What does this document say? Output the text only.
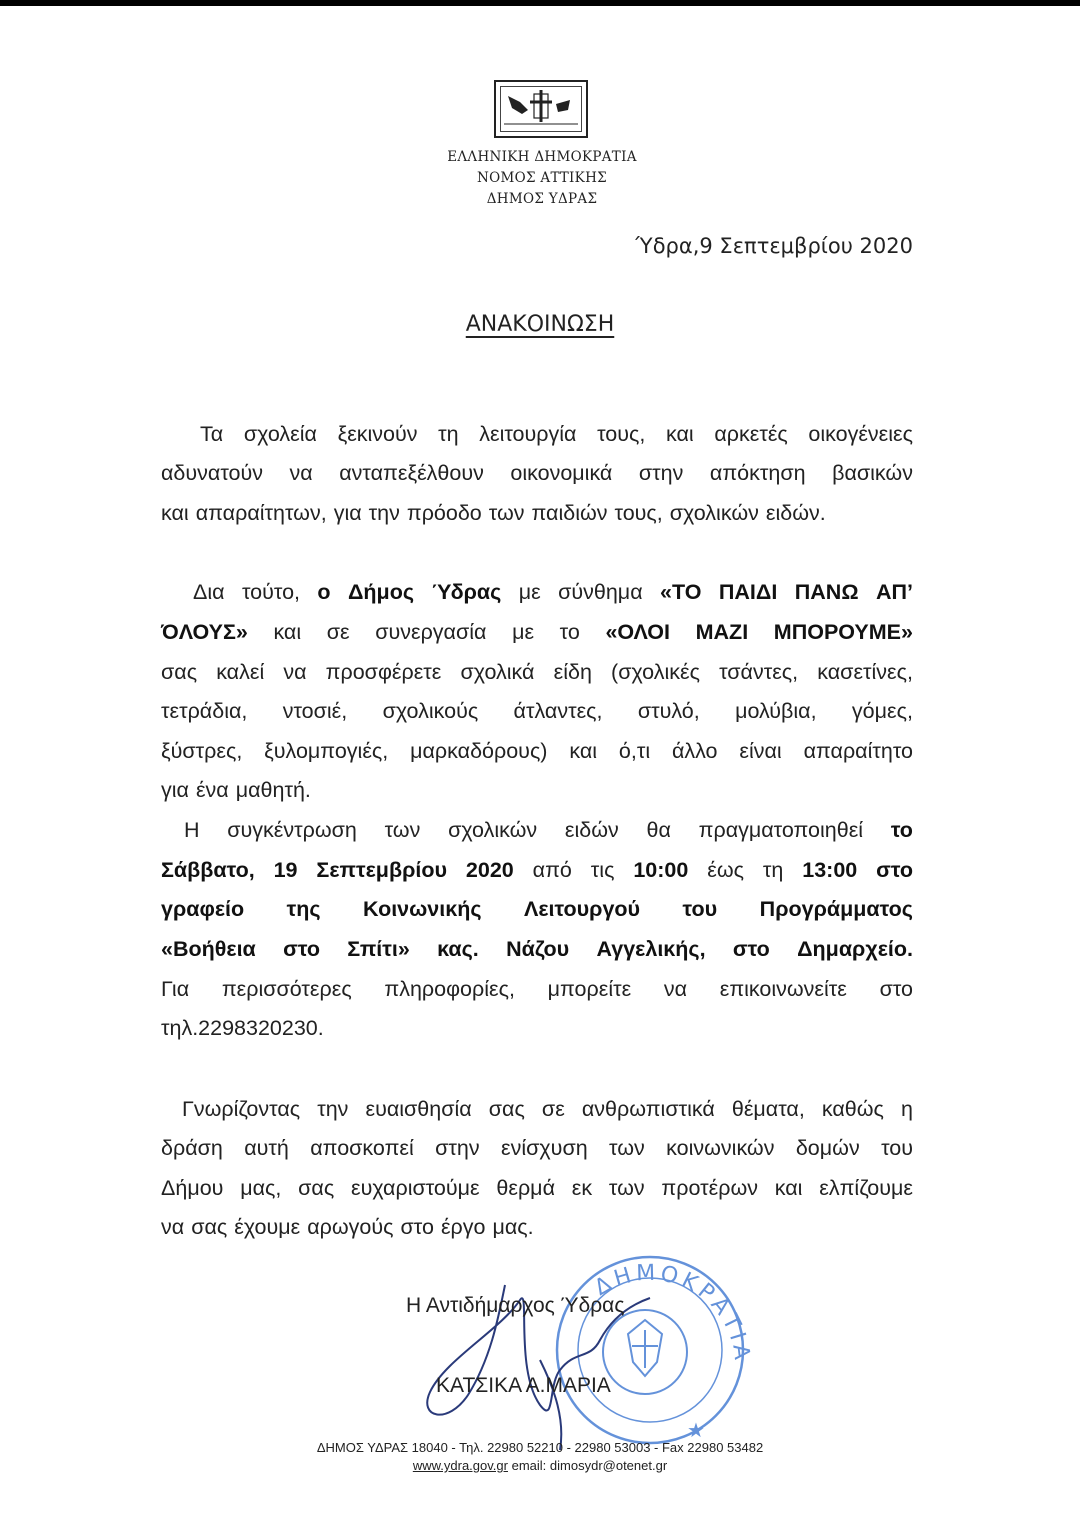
ΕΛΛΗΝΙΚΗ ΔΗΜΟΚΡΑΤΙΑ
ΝΟΜΟΣ ΑΤΤΙΚΗΣ
ΔΗΜΟΣ ΥΔΡΑΣ
Ύδρα,9 Σεπτεμβρίου 2020
ΑΝΑΚΟΙΝΩΣΗ
Τα σχολεία ξεκινούν τη λειτουργία τους, και αρκετές οικογένειες
αδυνατούν να ανταπεξέλθουν οικονομικά στην απόκτηση βασικών
και απαραίτητων, για την πρόοδο των παιδιών τους, σχολικών ειδών.
Δια τούτο, ο Δήμος Ύδρας με σύνθημα «ΤΟ ΠΑΙΔΙ ΠΑΝΩ ΑΠ’
ΌΛΟΥΣ» και σε συνεργασία με το «ΟΛΟΙ ΜΑΖΙ ΜΠΟΡΟΥΜΕ»
σας καλεί να προσφέρετε σχολικά είδη (σχολικές τσάντες, κασετίνες,
τετράδια, ντοσιέ, σχολικούς άτλαντες, στυλό, μολύβια, γόμες,
ξύστρες, ξυλομπογιές, μαρκαδόρους) και ό,τι άλλο είναι απαραίτητο
για ένα μαθητή.
Η συγκέντρωση των σχολικών ειδών θα πραγματοποιηθεί το
Σάββατο, 19 Σεπτεμβρίου 2020 από τις 10:00 έως τη 13:00 στο
γραφείο της Κοινωνικής Λειτουργού του Προγράμματος
«Βοήθεια στο Σπίτι» κας. Νάζου Αγγελικής, στο Δημαρχείο.
Για περισσότερες πληροφορίες, μπορείτε να επικοινωνείτε στο
τηλ.2298320230.
Γνωρίζοντας την ευαισθησία σας σε ανθρωπιστικά θέματα, καθώς η
δράση αυτή αποσκοπεί στην ενίσχυση των κοινωνικών δομών του
Δήμου μας, σας ευχαριστούμε θερμά εκ των προτέρων και ελπίζουμε
να σας έχουμε αρωγούς στο έργο μας.
ΔΗΜΟΚΡΑΤΙΑ
★
Η Αντιδήμαρχος Ύδρας
ΚΑΤΣΙΚΑ Α.ΜΑΡΙΑ
ΔΗΜΟΣ ΥΔΡΑΣ 18040 - Τηλ. 22980 52210 - 22980 53003 - Fax 22980 53482
www.ydra.gov.gr email: dimosydr@otenet.gr
